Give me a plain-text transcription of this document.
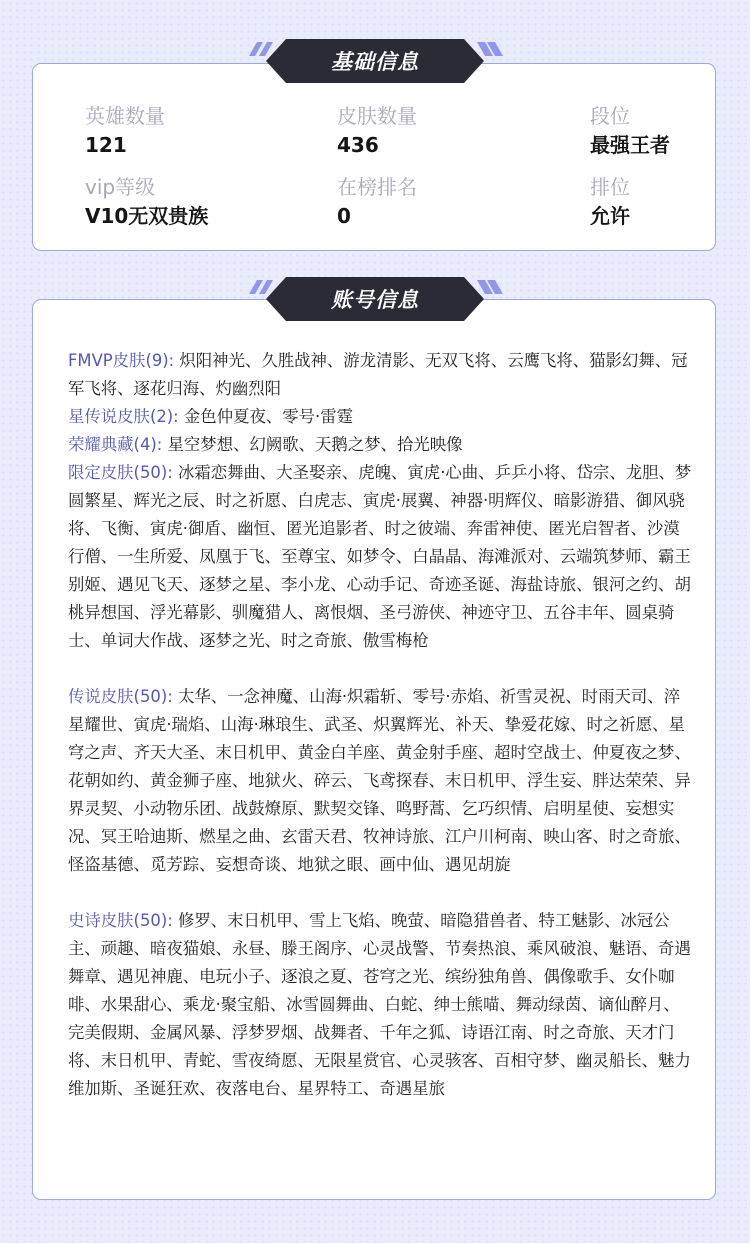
英雄数量
121
皮肤数量
436
段位
最强王者
vip等级
V10无双贵族
在榜排名
0
排位
允许
FMVP皮肤(9): 炽阳神光、久胜战神、游龙清影、无双飞将、云鹰飞将、猫影幻舞、冠军飞将、逐花归海、灼幽烈阳
星传说皮肤(2): 金色仲夏夜、零号·雷霆
荣耀典藏(4): 星空梦想、幻阙歌、天鹅之梦、拾光映像
限定皮肤(50): 冰霜恋舞曲、大圣娶亲、虎魄、寅虎·心曲、乒乒小将、岱宗、龙胆、梦圆繁星、辉光之辰、时之祈愿、白虎志、寅虎·展翼、神器·明辉仪、暗影游猎、御风骁将、飞衡、寅虎·御盾、幽恒、匿光追影者、时之彼端、奔雷神使、匿光启智者、沙漠行僧、一生所爱、凤凰于飞、至尊宝、如梦令、白晶晶、海滩派对、云端筑梦师、霸王别姬、遇见飞天、逐梦之星、李小龙、心动手记、奇迹圣诞、海盐诗旅、银河之约、胡桃异想国、浮光幕影、驯魔猎人、离恨烟、圣弓游侠、神迹守卫、五谷丰年、圆桌骑士、单词大作战、逐梦之光、时之奇旅、傲雪梅枪
传说皮肤(50): 太华、一念神魔、山海·炽霜斩、零号·赤焰、祈雪灵祝、时雨天司、淬星耀世、寅虎·瑞焰、山海·琳琅生、武圣、炽翼辉光、补天、挚爱花嫁、时之祈愿、星穹之声、齐天大圣、末日机甲、黄金白羊座、黄金射手座、超时空战士、仲夏夜之梦、花朝如约、黄金狮子座、地狱火、碎云、飞鸢探春、末日机甲、浮生妄、胖达荣荣、异界灵契、小动物乐团、战鼓燎原、默契交锋、鸣野蒿、乞巧织情、启明星使、妄想实况、冥王哈迪斯、燃星之曲、玄雷天君、牧神诗旅、江户川柯南、映山客、时之奇旅、怪盗基德、觅芳踪、妄想奇谈、地狱之眼、画中仙、遇见胡旋
史诗皮肤(50): 修罗、末日机甲、雪上飞焰、晚萤、暗隐猎兽者、特工魅影、冰冠公主、顽趣、暗夜猫娘、永昼、滕王阁序、心灵战警、节奏热浪、乘风破浪、魅语、奇遇舞章、遇见神鹿、电玩小子、逐浪之夏、苍穹之光、缤纷独角兽、偶像歌手、女仆咖啡、水果甜心、乘龙·聚宝船、冰雪圆舞曲、白蛇、绅士熊喵、舞动绿茵、谪仙醉月、完美假期、金属风暴、浮梦罗烟、战舞者、千年之狐、诗语江南、时之奇旅、天才门将、末日机甲、青蛇、雪夜绮愿、无限星赏官、心灵骇客、百相守梦、幽灵船长、魅力维加斯、圣诞狂欢、夜落电台、星界特工、奇遇星旅
基础信息
账号信息
